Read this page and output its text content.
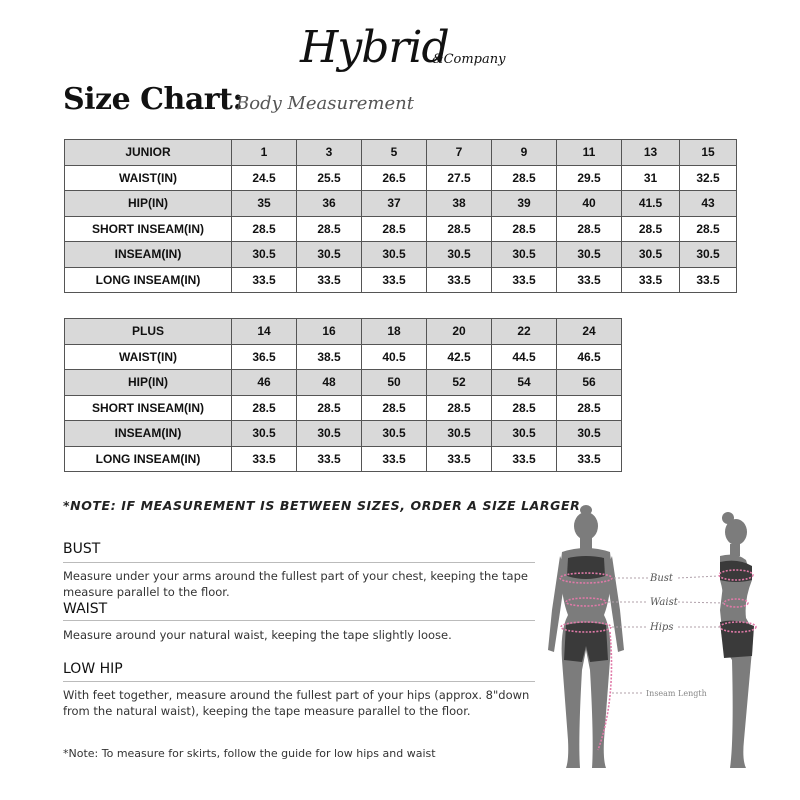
Hybrid
&Company
Size Chart:
Body Measurement
JUNIOR	1	3	5	7	9	11	13	15
WAIST(IN)	24.5	25.5	26.5	27.5	28.5	29.5	31	32.5
HIP(IN)	35	36	37	38	39	40	41.5	43
SHORT INSEAM(IN)	28.5	28.5	28.5	28.5	28.5	28.5	28.5	28.5
INSEAM(IN)	30.5	30.5	30.5	30.5	30.5	30.5	30.5	30.5
LONG INSEAM(IN)	33.5	33.5	33.5	33.5	33.5	33.5	33.5	33.5
PLUS	14	16	18	20	22	24
WAIST(IN)	36.5	38.5	40.5	42.5	44.5	46.5
HIP(IN)	46	48	50	52	54	56
SHORT INSEAM(IN)	28.5	28.5	28.5	28.5	28.5	28.5
INSEAM(IN)	30.5	30.5	30.5	30.5	30.5	30.5
LONG INSEAM(IN)	33.5	33.5	33.5	33.5	33.5	33.5
*NOTE: IF MEASUREMENT IS BETWEEN SIZES, ORDER A SIZE LARGER
BUST
Measure under your arms around the fullest part of your chest, keeping the tape measure parallel to the floor.
WAIST
Measure around your natural waist, keeping the tape slightly loose.
LOW HIP
With feet together, measure around the fullest part of your hips (approx. 8"down from the natural waist), keeping the tape measure parallel to the floor.
*Note: To measure for skirts, follow the guide for low hips and waist
Bust
Waist
Hips
Inseam Length
